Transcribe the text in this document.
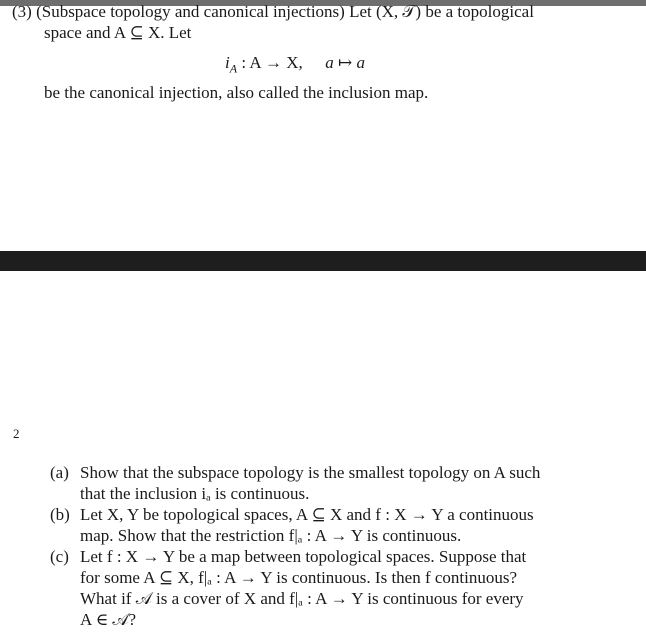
(3) (Subspace topology and canonical injections) Let (X, 𝒯) be a topological
space and A ⊆ X. Let
$i_A$ : A → X, a ↦ a
be the canonical injection, also called the inclusion map.
2
(a) Show that the subspace topology is the smallest topology on A such
that the inclusion iₐ is continuous.
(b) Let X, Y be topological spaces, A ⊆ X and f : X → Y a continuous
map. Show that the restriction f|ₐ : A → Y is continuous.
(c) Let f : X → Y be a map between topological spaces. Suppose that
for some A ⊆ X, f|ₐ : A → Y is continuous. Is then f continuous?
What if 𝒜 is a cover of X and f|ₐ : A → Y is continuous for every
A ∈ 𝒜?
